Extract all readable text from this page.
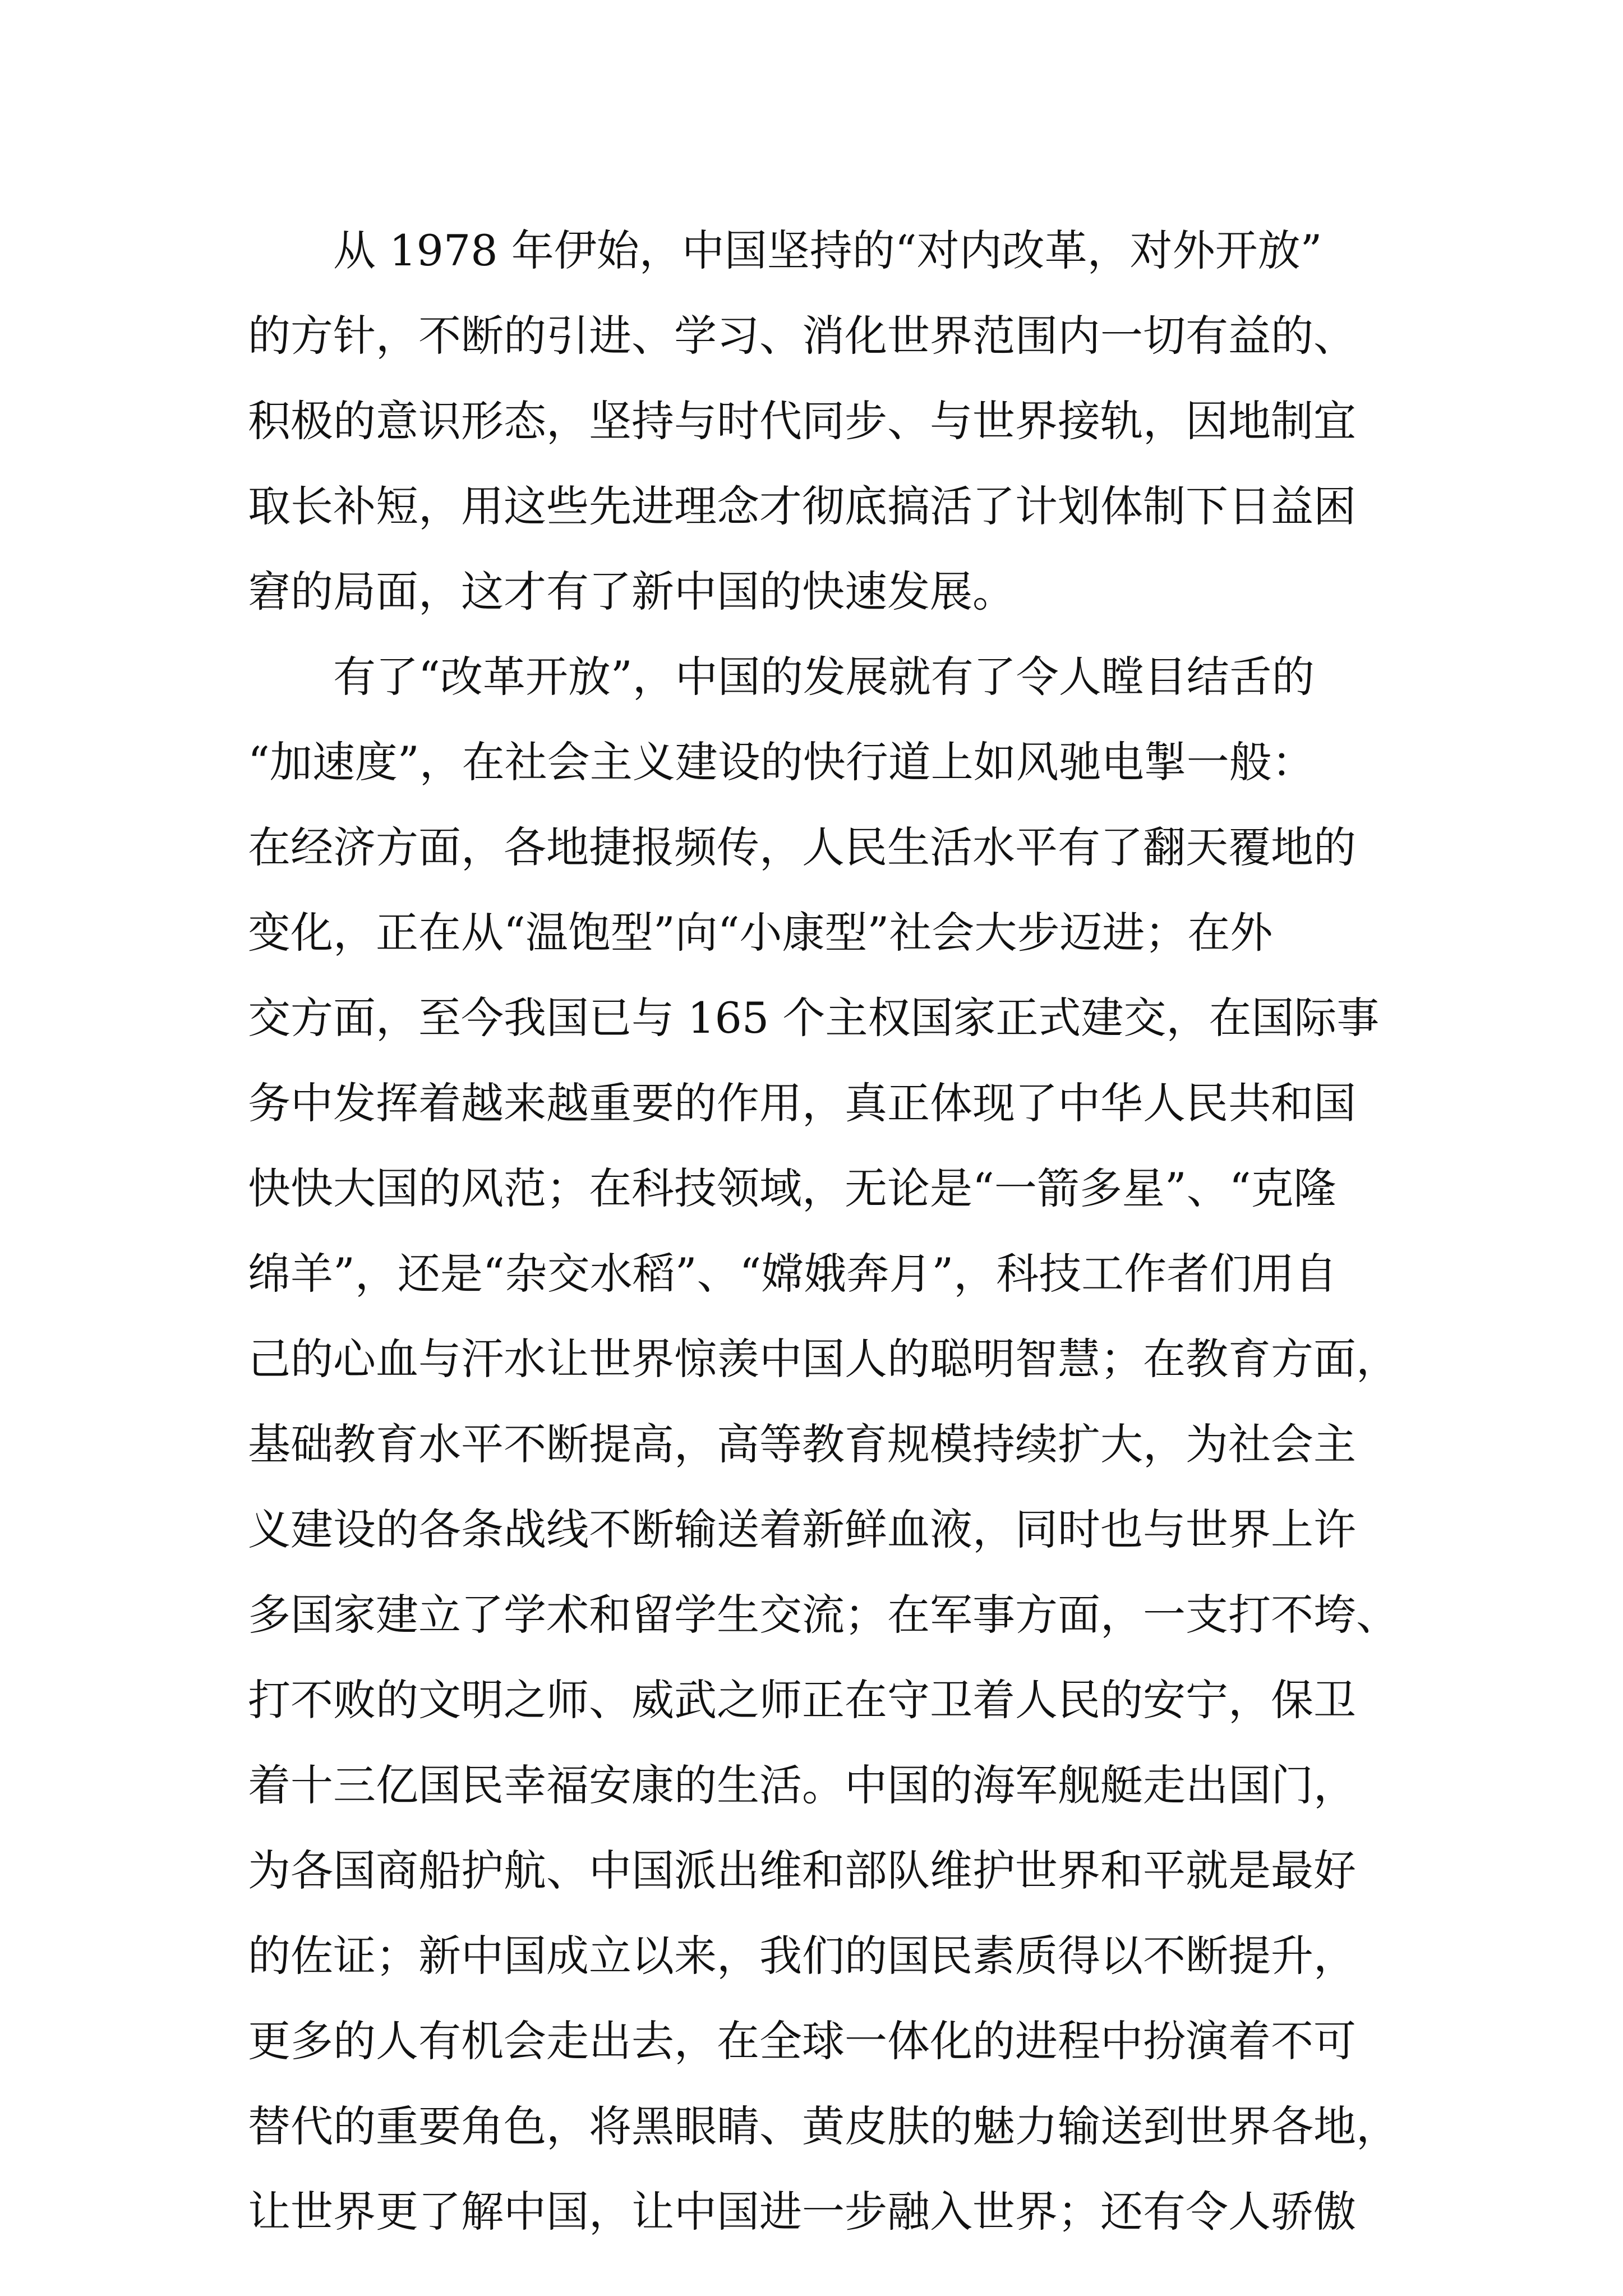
从 1978 年伊始，中国坚持的“对内改革，对外开放”
的方针，不断的引进、学习、消化世界范围内一切有益的、
积极的意识形态，坚持与时代同步、与世界接轨，因地制宜
取长补短，用这些先进理念才彻底搞活了计划体制下日益困
窘的局面，这才有了新中国的快速发展。
有了“改革开放”，中国的发展就有了令人瞠目结舌的
“加速度”，在社会主义建设的快行道上如风驰电掣一般：
在经济方面，各地捷报频传，人民生活水平有了翻天覆地的
变化，正在从“温饱型”向“小康型”社会大步迈进；在外
交方面，至今我国已与 165 个主权国家正式建交，在国际事
务中发挥着越来越重要的作用，真正体现了中华人民共和国
快快大国的风范；在科技领域，无论是“一箭多星”、“克隆
绵羊”，还是“杂交水稻”、“嫦娥奔月”，科技工作者们用自
己的心血与汗水让世界惊羡中国人的聪明智慧；在教育方面，
基础教育水平不断提高，高等教育规模持续扩大，为社会主
义建设的各条战线不断输送着新鲜血液，同时也与世界上许
多国家建立了学术和留学生交流；在军事方面，一支打不垮、
打不败的文明之师、威武之师正在守卫着人民的安宁，保卫
着十三亿国民幸福安康的生活。中国的海军舰艇走出国门，
为各国商船护航、中国派出维和部队维护世界和平就是最好
的佐证；新中国成立以来，我们的国民素质得以不断提升，
更多的人有机会走出去，在全球一体化的进程中扮演着不可
替代的重要角色，将黑眼睛、黄皮肤的魅力输送到世界各地，
让世界更了解中国，让中国进一步融入世界；还有令人骄傲
